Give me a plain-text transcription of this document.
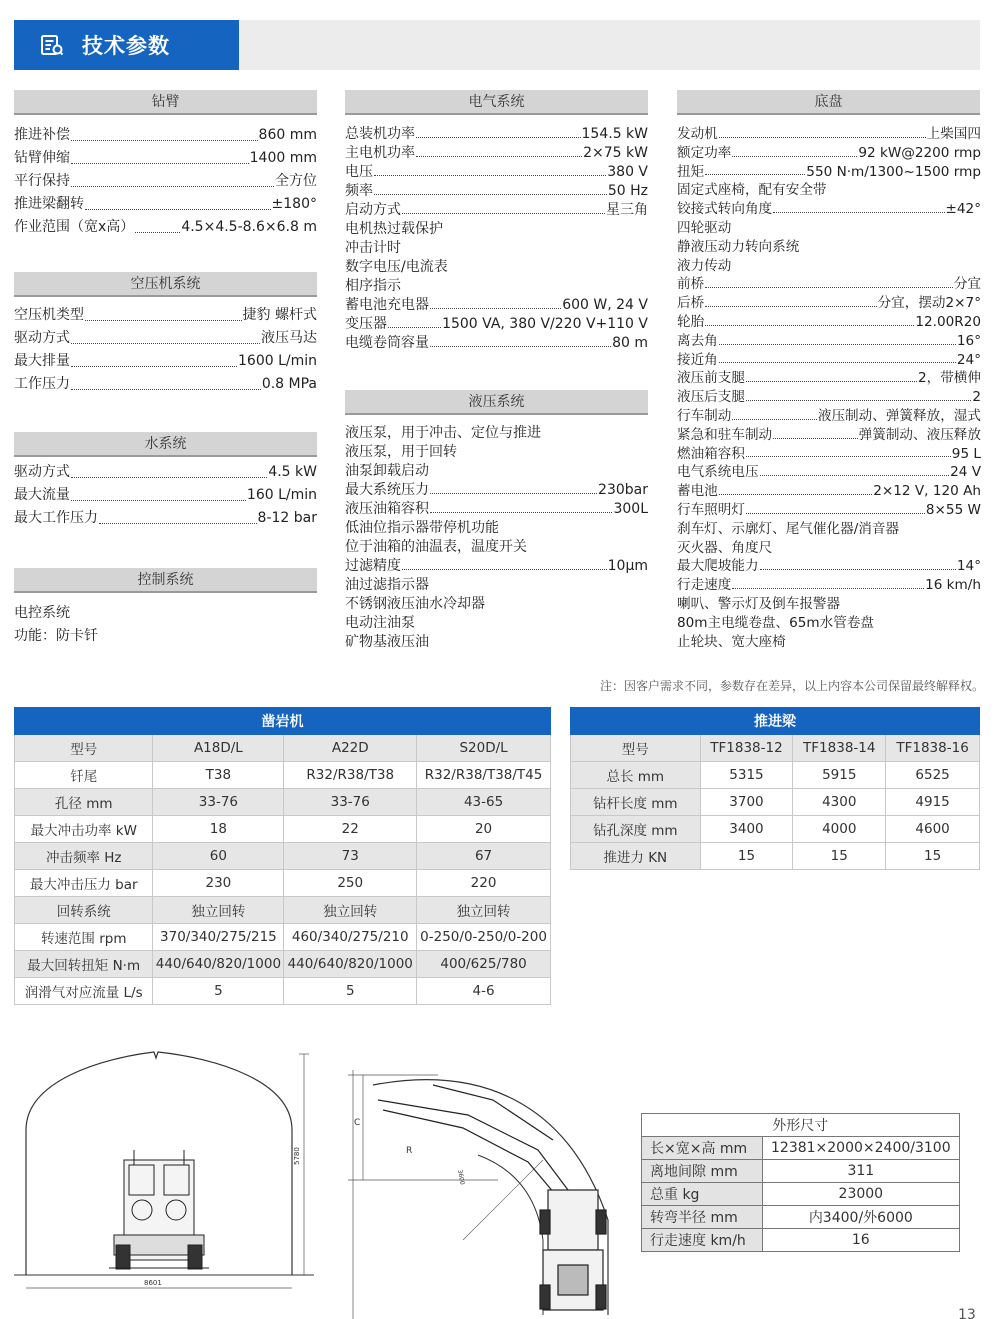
技术参数
钻臂
推进补偿	860 mm
钻臂伸缩	1400 mm
平行保持	全方位
推进梁翻转	±180°
作业范围（宽x高）	4.5×4.5-8.6×6.8 m
空压机系统
空压机类型	捷豹 螺杆式
驱动方式	液压马达
最大排量	1600 L/min
工作压力	0.8 MPa
水系统
驱动方式	4.5 kW
最大流量	160 L/min
最大工作压力	8-12 bar
控制系统
电控系统
功能：防卡钎
电气系统
总装机功率	154.5 kW
主电机功率	2×75 kW
电压	380 V
频率	50 Hz
启动方式	星三角
电机热过载保护
冲击计时
数字电压/电流表
相序指示
蓄电池充电器	600 W, 24 V
变压器	1500 VA, 380 V/220 V+110 V
电缆卷筒容量	80 m
液压系统
液压泵，用于冲击、定位与推进
液压泵，用于回转
油泵卸载启动
最大系统压力	230bar
液压油箱容积	300L
低油位指示器带停机功能
位于油箱的油温表，温度开关
过滤精度	10μm
油过滤指示器
不锈钢液压油水冷却器
电动注油泵
矿物基液压油
底盘
发动机	上柴国四
额定功率	92 kW@2200 rmp
扭矩	550 N·m/1300~1500 rmp
固定式座椅，配有安全带
铰接式转向角度	±42°
四轮驱动
静液压动力转向系统
液力传动
前桥	分宜
后桥	分宜，摆动2×7°
轮胎	12.00R20
离去角	16°
接近角	24°
液压前支腿	2，带横伸
液压后支腿	2
行车制动	液压制动、弹簧释放，湿式
紧急和驻车制动	弹簧制动、液压释放
燃油箱容积	95 L
电气系统电压	24 V
蓄电池	2×12 V, 120 Ah
行车照明灯	8×55 W
刹车灯、示廓灯、尾气催化器/消音器
灭火器、角度尺
最大爬坡能力	14°
行走速度	16 km/h
喇叭、警示灯及倒车报警器
80m主电缆卷盘、65m水管卷盘
止轮块、宽大座椅
注：因客户需求不同，参数存在差异，以上内容本公司保留最终解释权。
凿岩机			
型号	A18D/L	A22D	S20D/L
钎尾	T38	R32/R38/T38	R32/R38/T38/T45
孔径 mm	33-76	33-76	43-65
最大冲击功率 kW	18	22	20
冲击频率 Hz	60	73	67
最大冲击压力 bar	230	250	220
回转系统	独立回转	独立回转	独立回转
转速范围 rpm	370/340/275/215	460/340/275/210	0-250/0-250/0-200
最大回转扭矩 N·m	440/640/820/1000	440/640/820/1000	400/625/780
润滑气对应流量 L/s	5	5	4-6
推进梁			
型号	TF1838-12	TF1838-14	TF1838-16
总长 mm	5315	5915	6525
钻杆长度 mm	3700	4300	4915
钻孔深度 mm	3400	4000	4600
推进力 KN	15	15	15
5780
8601
C
R
3600
外形尺寸	
长×宽×高 mm	12381×2000×2400/3100
离地间隙 mm	311
总重 kg	23000
转弯半径 mm	内3400/外6000
行走速度 km/h	16
13
